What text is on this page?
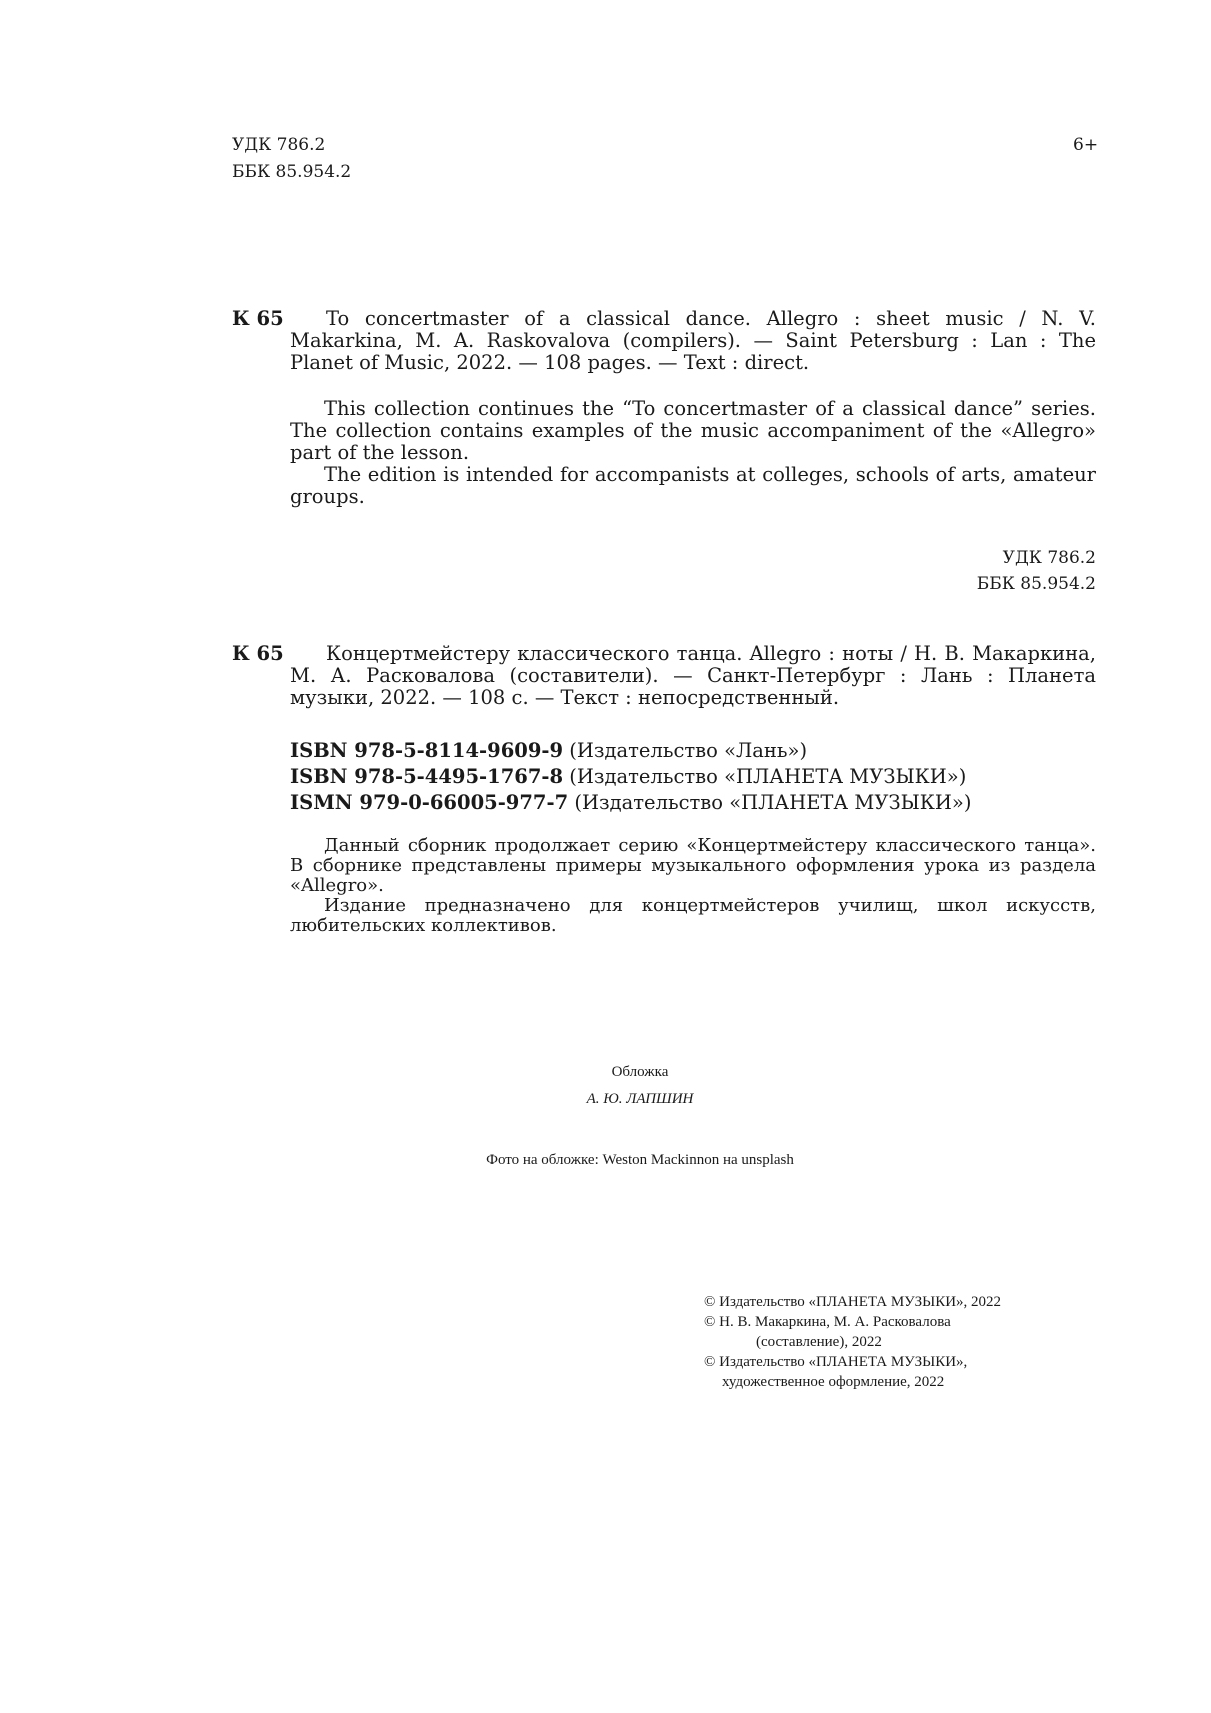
УДК 786.2
ББК 85.954.2
6+
К 65	To concertmaster of a classical dance. Allegro : sheet music / N. V. Makarkina, M. A. Raskovalova (compilers). — Saint Petersburg : Lan : The Planet of Music, 2022. — 108 pages. — Text : direct.

This collection continues the “To concertmaster of a classical dance” series. The collection contains examples of the music accompaniment of the «Allegro» part of the lesson.

The edition is intended for accompanists at colleges, schools of arts, amateur groups.

УДК 786.2
ББК 85.954.2
К 65	Концертмейстеру классического танца. Allegro : ноты / Н. В. Макаркина, М. А. Расковалова (составители). — Санкт-Петербург : Лань : Планета музыки, 2022. — 108 с. — Текст : непосредственный.

ISBN 978-5-8114-9609-9 (Издательство «Лань»)
ISBN 978-5-4495-1767-8 (Издательство «ПЛАНЕТА МУЗЫКИ»)
ISMN 979-0-66005-977-7 (Издательство «ПЛАНЕТА МУЗЫКИ»)

Данный сборник продолжает серию «Концертмейстеру классического танца». В сборнике представлены примеры музыкального оформления урока из раздела «Allegro».

Издание предназначено для концертмейстеров училищ, школ искусств, любительских коллективов.

Обложка
А. Ю. ЛАПШИН
Фото на обложке: Weston Mackinnon на unsplash
© Издательство «ПЛАНЕТА МУЗЫКИ», 2022
© Н. В. Макаркина, М. А. Расковалова
(составление), 2022
© Издательство «ПЛАНЕТА МУЗЫКИ»,
художественное оформление, 2022
